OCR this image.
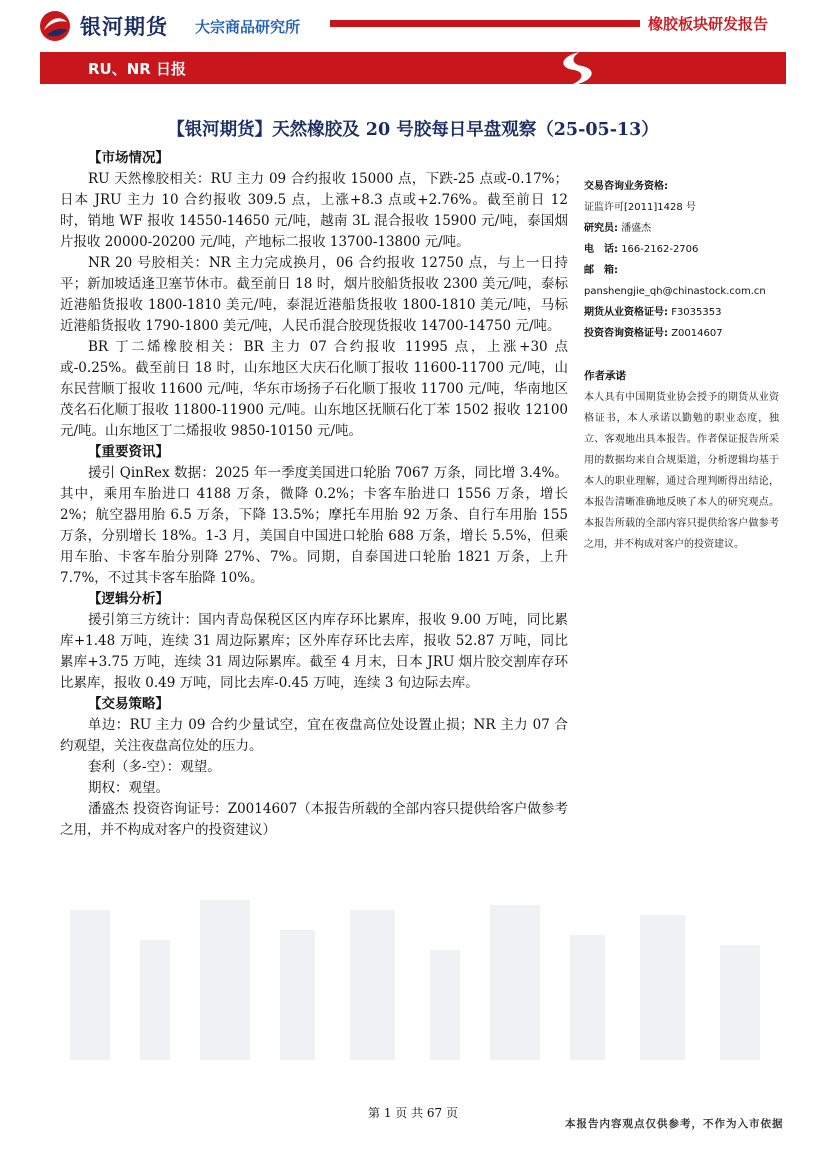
银河期货 大宗商品研究所	橡胶板块研发报告
RU、NR 日报
【银河期货】天然橡胶及 20 号胶每日早盘观察（25-05-13）
【市场情况】

RU 天然橡胶相关：RU 主力 09 合约报收 15000 点，下跌-25 点或-0.17%；日本 JRU 主力 10 合约报收 309.5 点，上涨+8.3 点或+2.76%。截至前日 12 时，销地 WF 报收 14550-14650 元/吨，越南 3L 混合报收 15900 元/吨，泰国烟片报收 20000-20200 元/吨，产地标二报收 13700-13800 元/吨。

NR 20 号胶相关：NR 主力完成换月，06 合约报收 12750 点，与上一日持平；新加坡适逢卫塞节休市。截至前日 18 时，烟片胶船货报收 2300 美元/吨，泰标近港船货报收 1800-1810 美元/吨，泰混近港船货报收 1800-1810 美元/吨，马标近港船货报收 1790-1800 美元/吨，人民币混合胶现货报收 14700-14750 元/吨。

BR 丁二烯橡胶相关：BR 主力 07 合约报收 11995 点，上涨+30 点或-0.25%。截至前日 18 时，山东地区大庆石化顺丁报收 11600-11700 元/吨，山东民营顺丁报收 11600 元/吨，华东市场扬子石化顺丁报收 11700 元/吨，华南地区茂名石化顺丁报收 11800-11900 元/吨。山东地区抚顺石化丁苯 1502 报收 12100 元/吨。山东地区丁二烯报收 9850-10150 元/吨。

【重要资讯】

援引 QinRex 数据：2025 年一季度美国进口轮胎 7067 万条，同比增 3.4%。其中，乘用车胎进口 4188 万条，微降 0.2%；卡客车胎进口 1556 万条，增长 2%；航空器用胎 6.5 万条，下降 13.5%；摩托车用胎 92 万条、自行车用胎 155 万条，分别增长 18%。1-3 月，美国自中国进口轮胎 688 万条，增长 5.5%，但乘用车胎、卡客车胎分别降 27%、7%。同期，自泰国进口轮胎 1821 万条，上升 7.7%，不过其卡客车胎降 10%。

【逻辑分析】

援引第三方统计：国内青岛保税区区内库存环比累库，报收 9.00 万吨，同比累库+1.48 万吨，连续 31 周边际累库；区外库存环比去库，报收 52.87 万吨，同比累库+3.75 万吨，连续 31 周边际累库。截至 4 月末，日本 JRU 烟片胶交割库存环比累库，报收 0.49 万吨，同比去库-0.45 万吨，连续 3 旬边际去库。

【交易策略】

单边：RU 主力 09 合约少量试空，宜在夜盘高位处设置止损；NR 主力 07 合约观望，关注夜盘高位处的压力。

套利（多-空）：观望。

期权：观望。

潘盛杰 投资咨询证号：Z0014607（本报告所载的全部内容只提供给客户做参考之用，并不构成对客户的投资建议）

交易咨询业务资格:
证监许可[2011]1428 号
研究员: 潘盛杰
电　话: 166-2162-2706
邮　箱:
panshengjie_qh@chinastock.com.cn
期货从业资格证号: F3035353
投资咨询资格证号: Z0014607
作者承诺
本人具有中国期货业协会授予的期货从业资格证书，本人承诺以勤勉的职业态度，独立、客观地出具本报告。作者保证报告所采用的数据均来自合规渠道，分析逻辑均基于本人的职业理解，通过合理判断得出结论，本报告清晰准确地反映了本人的研究观点。本报告所载的全部内容只提供给客户做参考之用，并不构成对客户的投资建议。
第 1 页 共 67 页
本报告内容观点仅供参考，不作为入市依据
